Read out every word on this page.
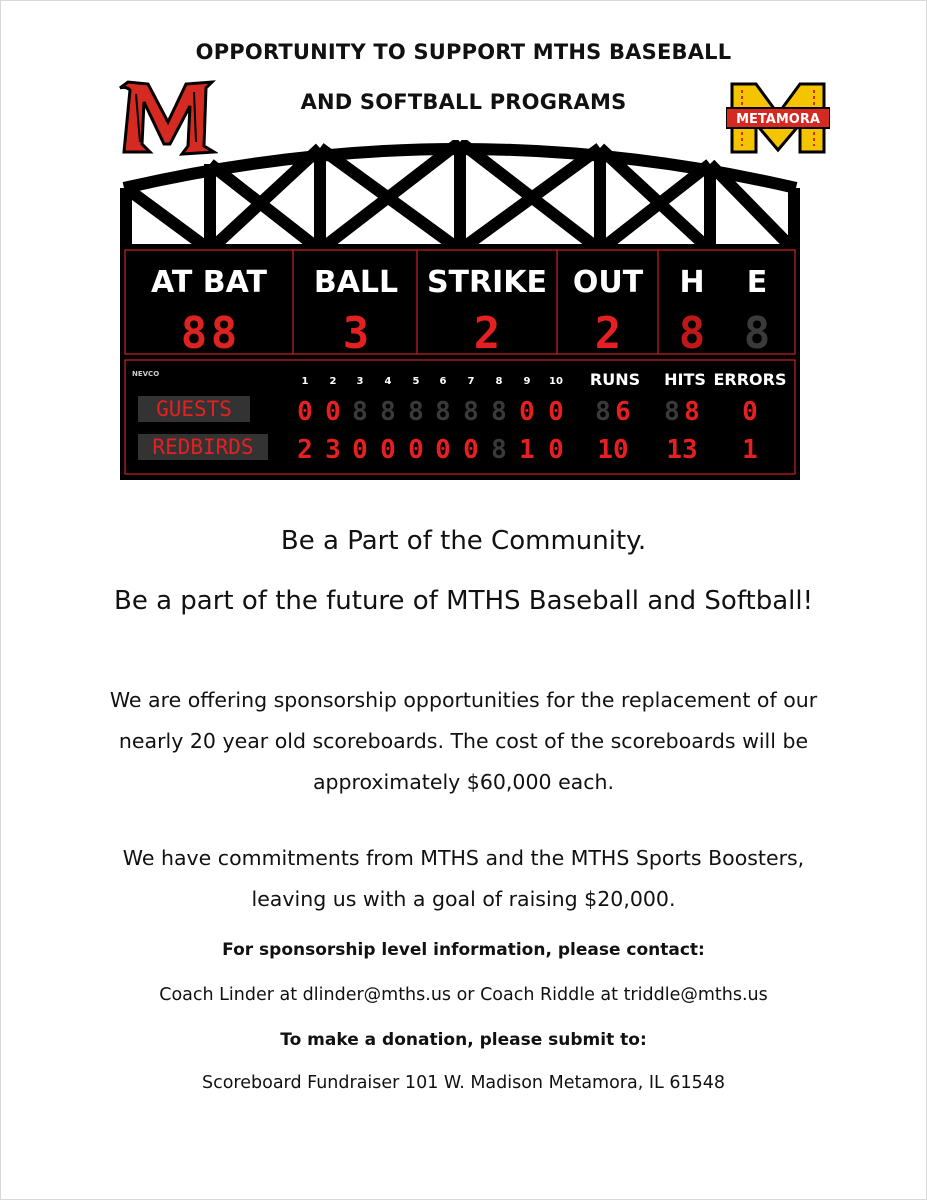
OPPORTUNITY TO SUPPORT MTHS BASEBALL
AND SOFTBALL PROGRAMS
METAMORA
AT BAT BALL STRIKE OUT H E
8 8 3 2 2 8 8
NEVCO
1 2 3 4 5 6 7 8 9 10 RUNS HITS ERRORS
GUESTS
REDBIRDS
0 0 8 8 8 8 8 8 0 0 8 6 8 8 0
2 3 0 0 0 0 0 8 1 0 10 13 1
Be a Part of the Community.
Be a part of the future of MTHS Baseball and Softball!
We are offering sponsorship opportunities for the replacement of our
nearly 20 year old scoreboards. The cost of the scoreboards will be
approximately $60,000 each.
We have commitments from MTHS and the MTHS Sports Boosters,
leaving us with a goal of raising $20,000.
For sponsorship level information, please contact:
Coach Linder at dlinder@mths.us or Coach Riddle at triddle@mths.us
To make a donation, please submit to:
Scoreboard Fundraiser 101 W. Madison Metamora, IL 61548
